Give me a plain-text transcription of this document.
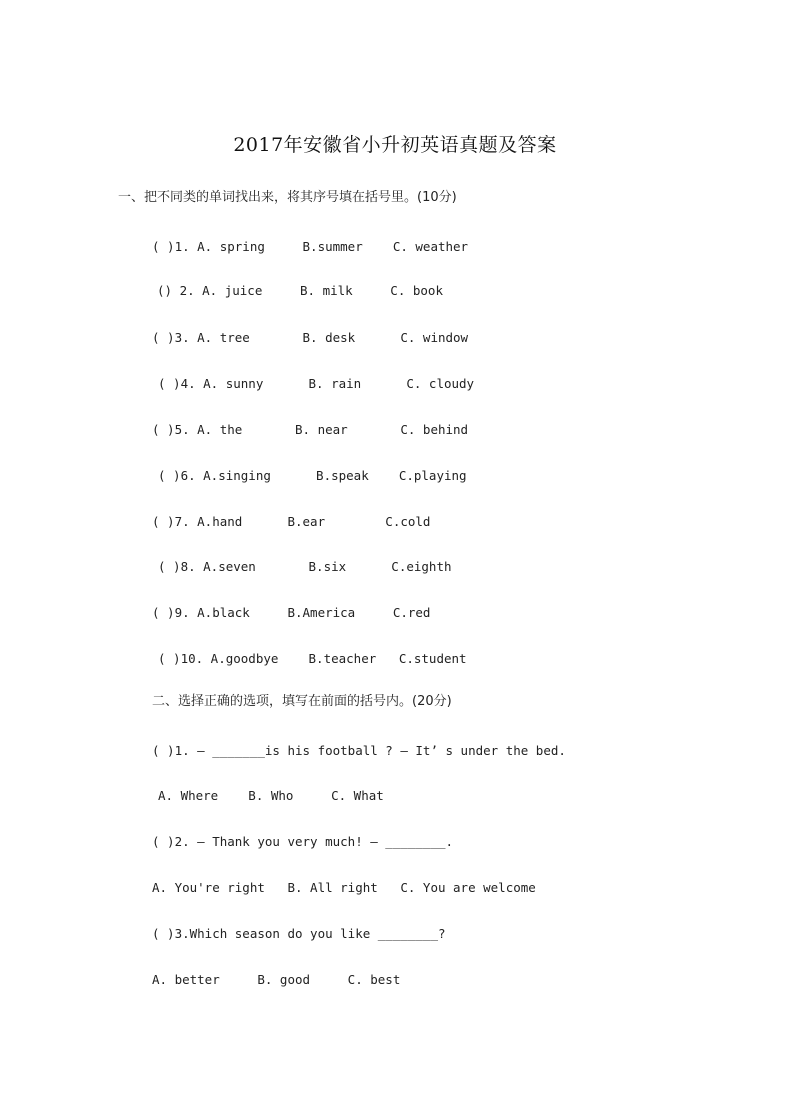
2017年安徽省小升初英语真题及答案
一、把不同类的单词找出来，将其序号填在括号里。(10分)
( )1. A. spring     B.summer    C. weather
() 2. A. juice     B. milk     C. book
( )3. A. tree       B. desk      C. window
( )4. A. sunny      B. rain      C. cloudy
( )5. A. the       B. near       C. behind
( )6. A.singing      B.speak    C.playing
( )7. A.hand      B.ear        C.cold
( )8. A.seven       B.six      C.eighth
( )9. A.black     B.America     C.red
( )10. A.goodbye    B.teacher   C.student
二、选择正确的选项，填写在前面的括号内。(20分)
( )1. — _______is his football ? — It’ s under the bed.
A. Where    B. Who     C. What
( )2. — Thank you very much! — ________.
A. You're right   B. All right   C. You are welcome
( )3.Which season do you like ________?
A. better     B. good     C. best
